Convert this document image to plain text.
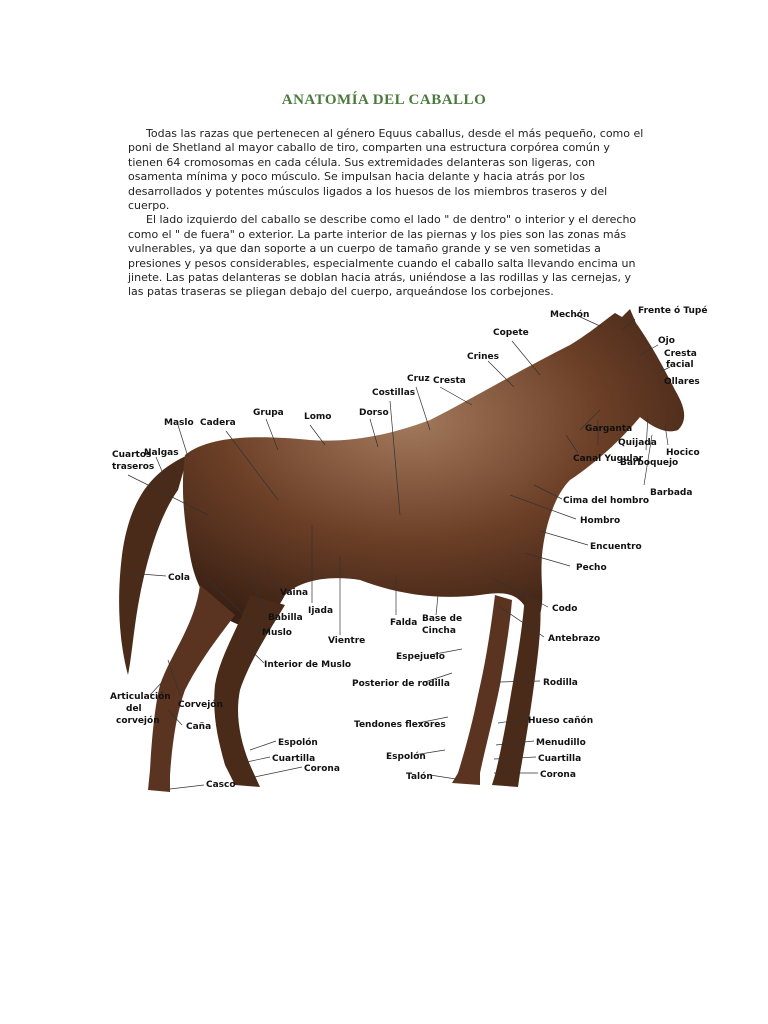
ANATOMÍA DEL CABALLO

Todas las razas que pertenecen al género Equus caballus, desde el más pequeño, como el poni de Shetland al mayor caballo de tiro, comparten una estructura corpórea común y tienen 64 cromosomas en cada célula. Sus extremidades delanteras son ligeras, con osamenta mínima y poco músculo. Se impulsan hacia delante y hacia atrás por los desarrollados y potentes músculos ligados a los huesos de los miembros traseros y del cuerpo.

El lado izquierdo del caballo se describe como el lado " de dentro" o interior y el derecho como el " de fuera" o exterior. La parte interior de las piernas y los pies son las zonas más vulnerables, ya que dan soporte a un cuerpo de tamaño grande y se ven sometidas a presiones y pesos considerables, especialmente cuando el caballo salta llevando encima un jinete. Las patas delanteras se doblan hacia atrás, uniéndose a las rodillas y las cernejas, y las patas traseras se pliegan debajo del cuerpo, arqueándose los corbejones.

Mechón	Frente ó Tupé
Copete
Ojo
Cresta
facial
Ollares
Crines
Cruz Cresta
Costillas
Dorso
Maslo Cadera
Grupa Lomo
Garganta
Quijada
Hocico
Canal Yugular
Barboquejo
Barbada
Cuartos
traseros
Nalgas
Cima del hombro
Hombro
Encuentro
Pecho
Cola
Vaina
Babilla
Muslo
Ijada
Falda Base de
Cincha
Codo
Vientre	Antebrazo
Interior de Muslo
Espejuelo
Posterior de rodilla	Rodilla
Articulación
del
corvejón
Corvejón
Caña	Tendones flexores	Hueso cañón
Menudillo
Espolón
Cuartilla
Corona
Espolón	Cuartilla
Corona
Casco
Talón
